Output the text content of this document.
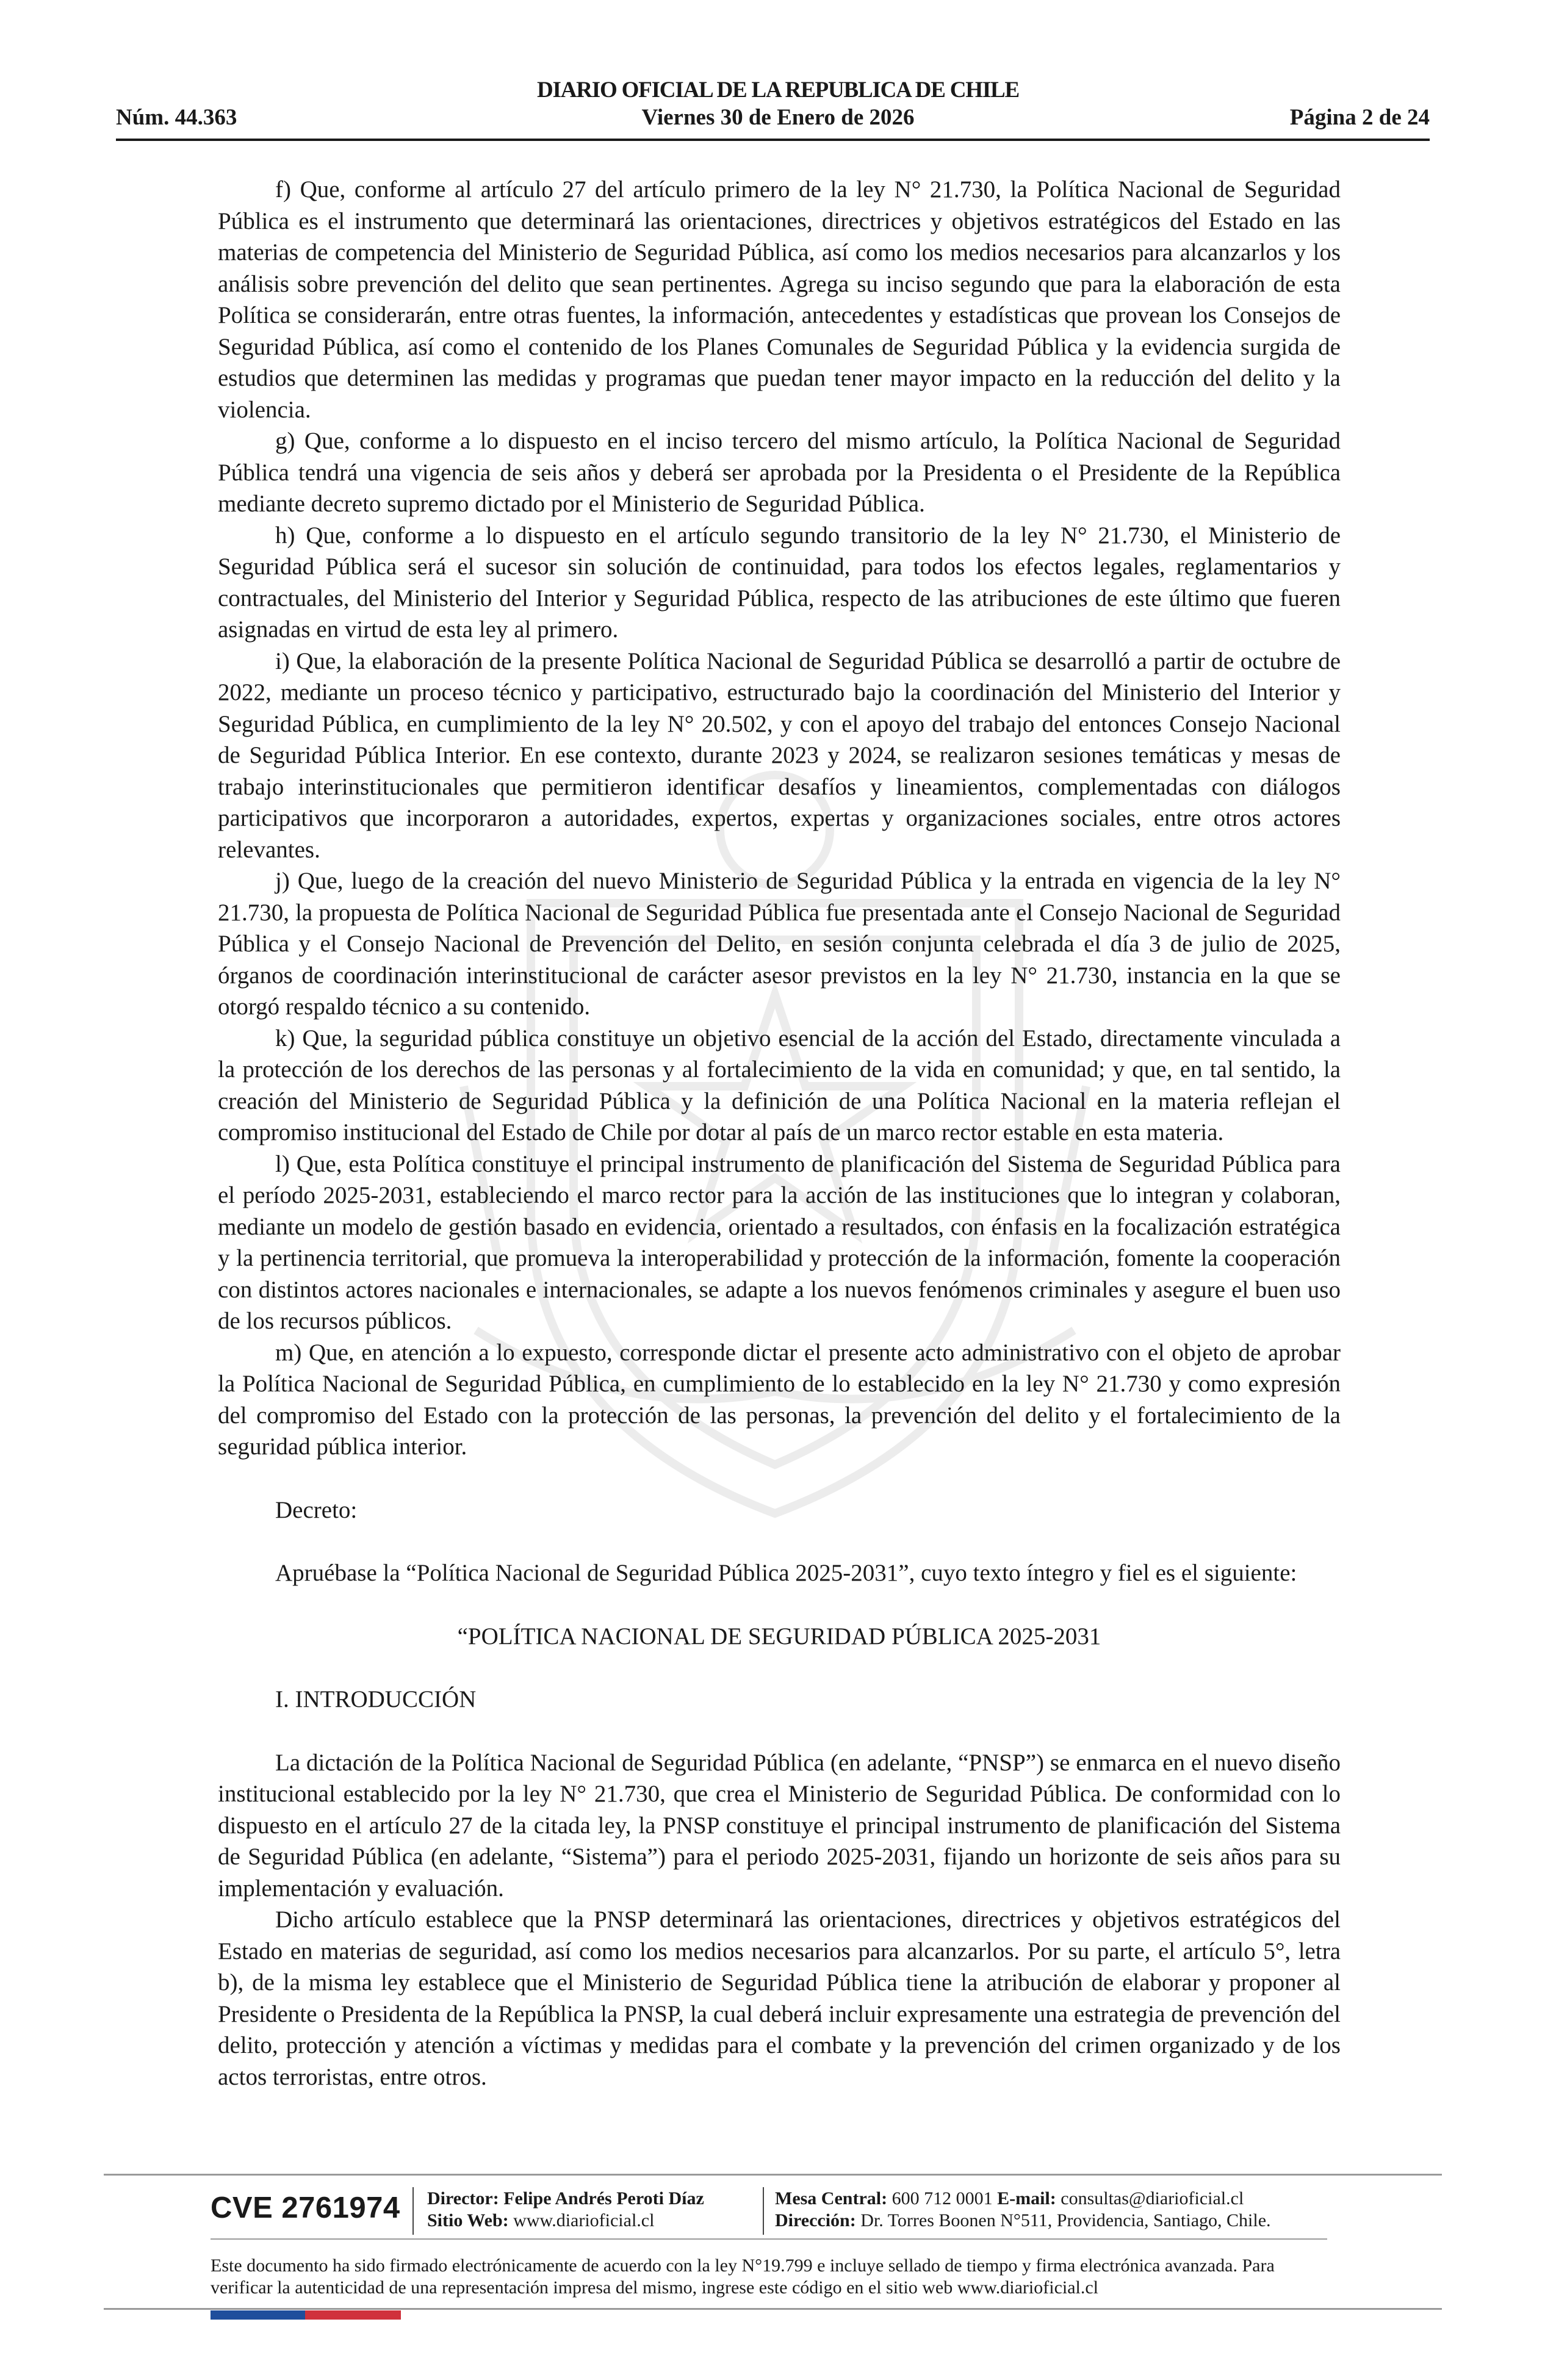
DIARIO OFICIAL DE LA REPUBLICA DE CHILE
Núm. 44.363	Viernes 30 de Enero de 2026	Página 2 de 24

f) Que, conforme al artículo 27 del artículo primero de la ley N° 21.730, la Política Nacional de Seguridad Pública es el instrumento que determinará las orientaciones, directrices y objetivos estratégicos del Estado en las materias de competencia del Ministerio de Seguridad Pública, así como los medios necesarios para alcanzarlos y los análisis sobre prevención del delito que sean pertinentes. Agrega su inciso segundo que para la elaboración de esta Política se considerarán, entre otras fuentes, la información, antecedentes y estadísticas que provean los Consejos de Seguridad Pública, así como el contenido de los Planes Comunales de Seguridad Pública y la evidencia surgida de estudios que determinen las medidas y programas que puedan tener mayor impacto en la reducción del delito y la violencia.

g) Que, conforme a lo dispuesto en el inciso tercero del mismo artículo, la Política Nacional de Seguridad Pública tendrá una vigencia de seis años y deberá ser aprobada por la Presidenta o el Presidente de la República mediante decreto supremo dictado por el Ministerio de Seguridad Pública.

h) Que, conforme a lo dispuesto en el artículo segundo transitorio de la ley N° 21.730, el Ministerio de Seguridad Pública será el sucesor sin solución de continuidad, para todos los efectos legales, reglamentarios y contractuales, del Ministerio del Interior y Seguridad Pública, respecto de las atribuciones de este último que fueren asignadas en virtud de esta ley al primero.

i) Que, la elaboración de la presente Política Nacional de Seguridad Pública se desarrolló a partir de octubre de 2022, mediante un proceso técnico y participativo, estructurado bajo la coordinación del Ministerio del Interior y Seguridad Pública, en cumplimiento de la ley N° 20.502, y con el apoyo del trabajo del entonces Consejo Nacional de Seguridad Pública Interior. En ese contexto, durante 2023 y 2024, se realizaron sesiones temáticas y mesas de trabajo interinstitucionales que permitieron identificar desafíos y lineamientos, complementadas con diálogos participativos que incorporaron a autoridades, expertos, expertas y organizaciones sociales, entre otros actores relevantes.

j) Que, luego de la creación del nuevo Ministerio de Seguridad Pública y la entrada en vigencia de la ley N° 21.730, la propuesta de Política Nacional de Seguridad Pública fue presentada ante el Consejo Nacional de Seguridad Pública y el Consejo Nacional de Prevención del Delito, en sesión conjunta celebrada el día 3 de julio de 2025, órganos de coordinación interinstitucional de carácter asesor previstos en la ley N° 21.730, instancia en la que se otorgó respaldo técnico a su contenido.

k) Que, la seguridad pública constituye un objetivo esencial de la acción del Estado, directamente vinculada a la protección de los derechos de las personas y al fortalecimiento de la vida en comunidad; y que, en tal sentido, la creación del Ministerio de Seguridad Pública y la definición de una Política Nacional en la materia reflejan el compromiso institucional del Estado de Chile por dotar al país de un marco rector estable en esta materia.

l) Que, esta Política constituye el principal instrumento de planificación del Sistema de Seguridad Pública para el período 2025-2031, estableciendo el marco rector para la acción de las instituciones que lo integran y colaboran, mediante un modelo de gestión basado en evidencia, orientado a resultados, con énfasis en la focalización estratégica y la pertinencia territorial, que promueva la interoperabilidad y protección de la información, fomente la cooperación con distintos actores nacionales e internacionales, se adapte a los nuevos fenómenos criminales y asegure el buen uso de los recursos públicos.

m) Que, en atención a lo expuesto, corresponde dictar el presente acto administrativo con el objeto de aprobar la Política Nacional de Seguridad Pública, en cumplimiento de lo establecido en la ley N° 21.730 y como expresión del compromiso del Estado con la protección de las personas, la prevención del delito y el fortalecimiento de la seguridad pública interior.

Decreto:

Apruébase la “Política Nacional de Seguridad Pública 2025-2031”, cuyo texto íntegro y fiel es el siguiente:

“POLÍTICA NACIONAL DE SEGURIDAD PÚBLICA 2025-2031

I. INTRODUCCIÓN

La dictación de la Política Nacional de Seguridad Pública (en adelante, “PNSP”) se enmarca en el nuevo diseño institucional establecido por la ley N° 21.730, que crea el Ministerio de Seguridad Pública. De conformidad con lo dispuesto en el artículo 27 de la citada ley, la PNSP constituye el principal instrumento de planificación del Sistema de Seguridad Pública (en adelante, “Sistema”) para el periodo 2025-2031, fijando un horizonte de seis años para su implementación y evaluación.

Dicho artículo establece que la PNSP determinará las orientaciones, directrices y objetivos estratégicos del Estado en materias de seguridad, así como los medios necesarios para alcanzarlos. Por su parte, el artículo 5°, letra b), de la misma ley establece que el Ministerio de Seguridad Pública tiene la atribución de elaborar y proponer al Presidente o Presidenta de la República la PNSP, la cual deberá incluir expresamente una estrategia de prevención del delito, protección y atención a víctimas y medidas para el combate y la prevención del crimen organizado y de los actos terroristas, entre otros.

CVE 2761974 Director: Felipe Andrés Peroti Díaz
Sitio Web: www.diarioficial.cl
Mesa Central: 600 712 0001 E-mail: consultas@diarioficial.cl
Dirección: Dr. Torres Boonen N°511, Providencia, Santiago, Chile.
Este documento ha sido firmado electrónicamente de acuerdo con la ley N°19.799 e incluye sellado de tiempo y firma electrónica avanzada. Para verificar la autenticidad de una representación impresa del mismo, ingrese este código en el sitio web www.diarioficial.cl
